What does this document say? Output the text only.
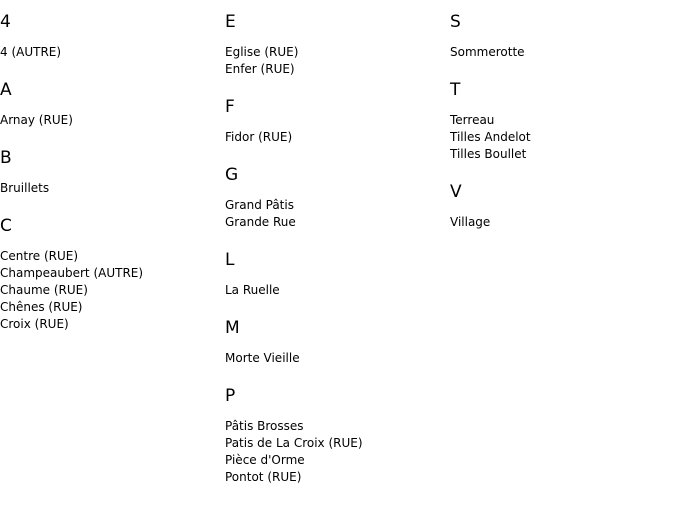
4
4 (AUTRE)
A
Arnay (RUE)
B
Bruillets
C
Centre (RUE)
Champeaubert (AUTRE)
Chaume (RUE)
Chênes (RUE)
Croix (RUE)
E
Eglise (RUE)
Enfer (RUE)
F
Fidor (RUE)
G
Grand Pâtis
Grande Rue
L
La Ruelle
M
Morte Vieille
P
Pâtis Brosses
Patis de La Croix (RUE)
Pièce d'Orme
Pontot (RUE)
S
Sommerotte
T
Terreau
Tilles Andelot
Tilles Boullet
V
Village
